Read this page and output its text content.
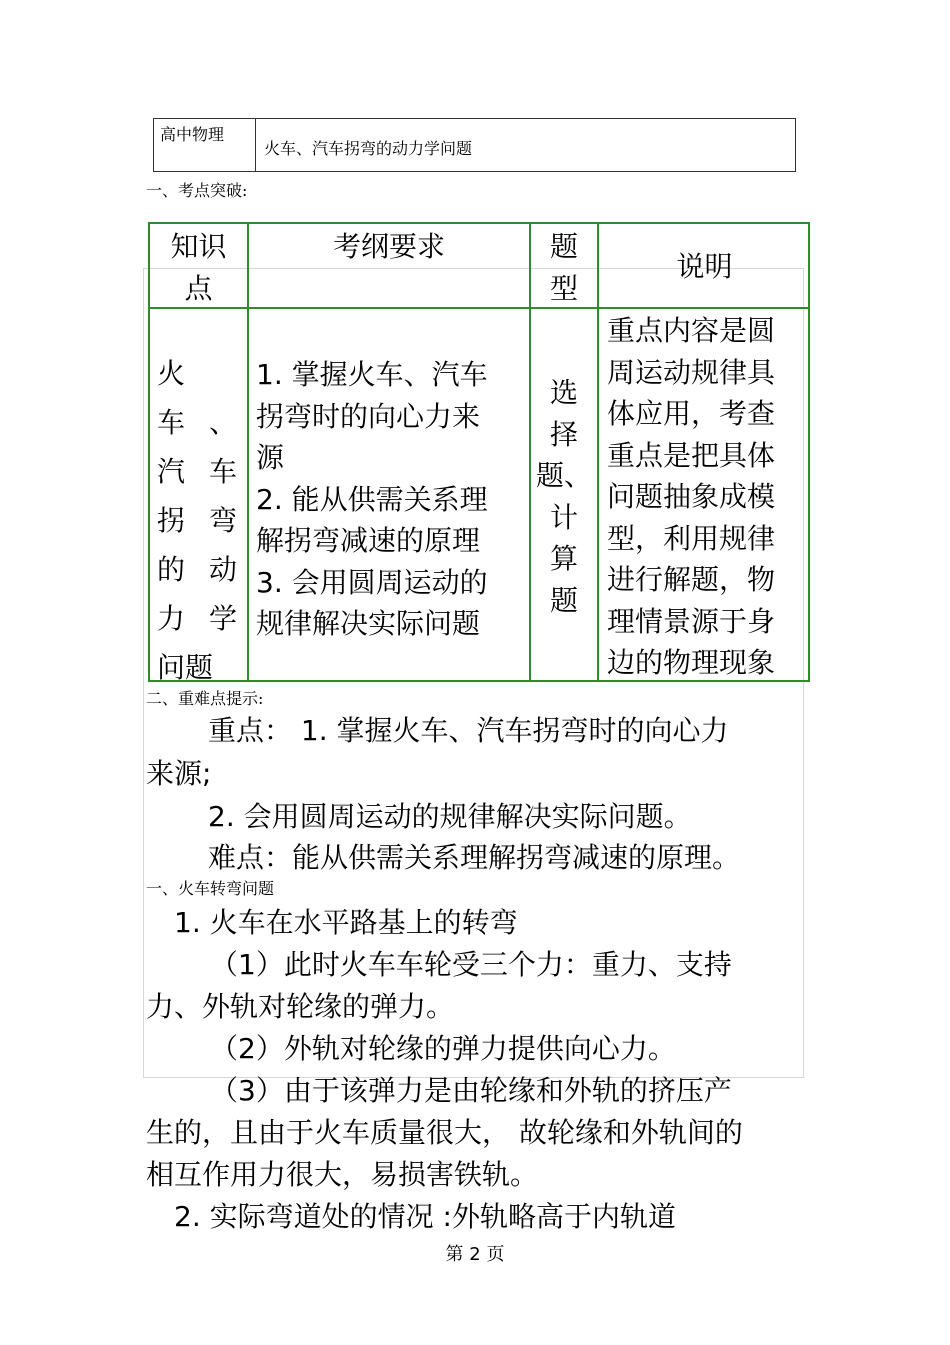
高中物理
火车、汽车拐弯的动力学问题
一、考点突破:
知识
点
考纲要求	题
型
说明
火车、
汽 车
拐 弯
的 动
力 学
问题
1. 掌握火车、汽车
拐弯时的向心力来
源
2. 能从供需关系理
解拐弯减速的原理
3. 会用圆周运动的
规律解决实际问题
选
择
题、
计
算
题
重点内容是圆
周运动规律具
体应用，考查
重点是把具体
问题抽象成模
型，利用规律
进行解题，物
理情景源于身
边的物理现象
二、重难点提示:
重点： 1. 掌握火车、汽车拐弯时的向心力
来源;
2. 会用圆周运动的规律解决实际问题。
难点：能从供需关系理解拐弯减速的原理。
一、火车转弯问题
1. 火车在水平路基上的转弯
（1）此时火车车轮受三个力：重力、支持
力、外轨对轮缘的弹力。
（2）外轨对轮缘的弹力提供向心力。
（3）由于该弹力是由轮缘和外轨的挤压产
生的，且由于火车质量很大， 故轮缘和外轨间的
相互作用力很大，易损害铁轨。
2. 实际弯道处的情况 :外轨略高于内轨道
第 2 页
